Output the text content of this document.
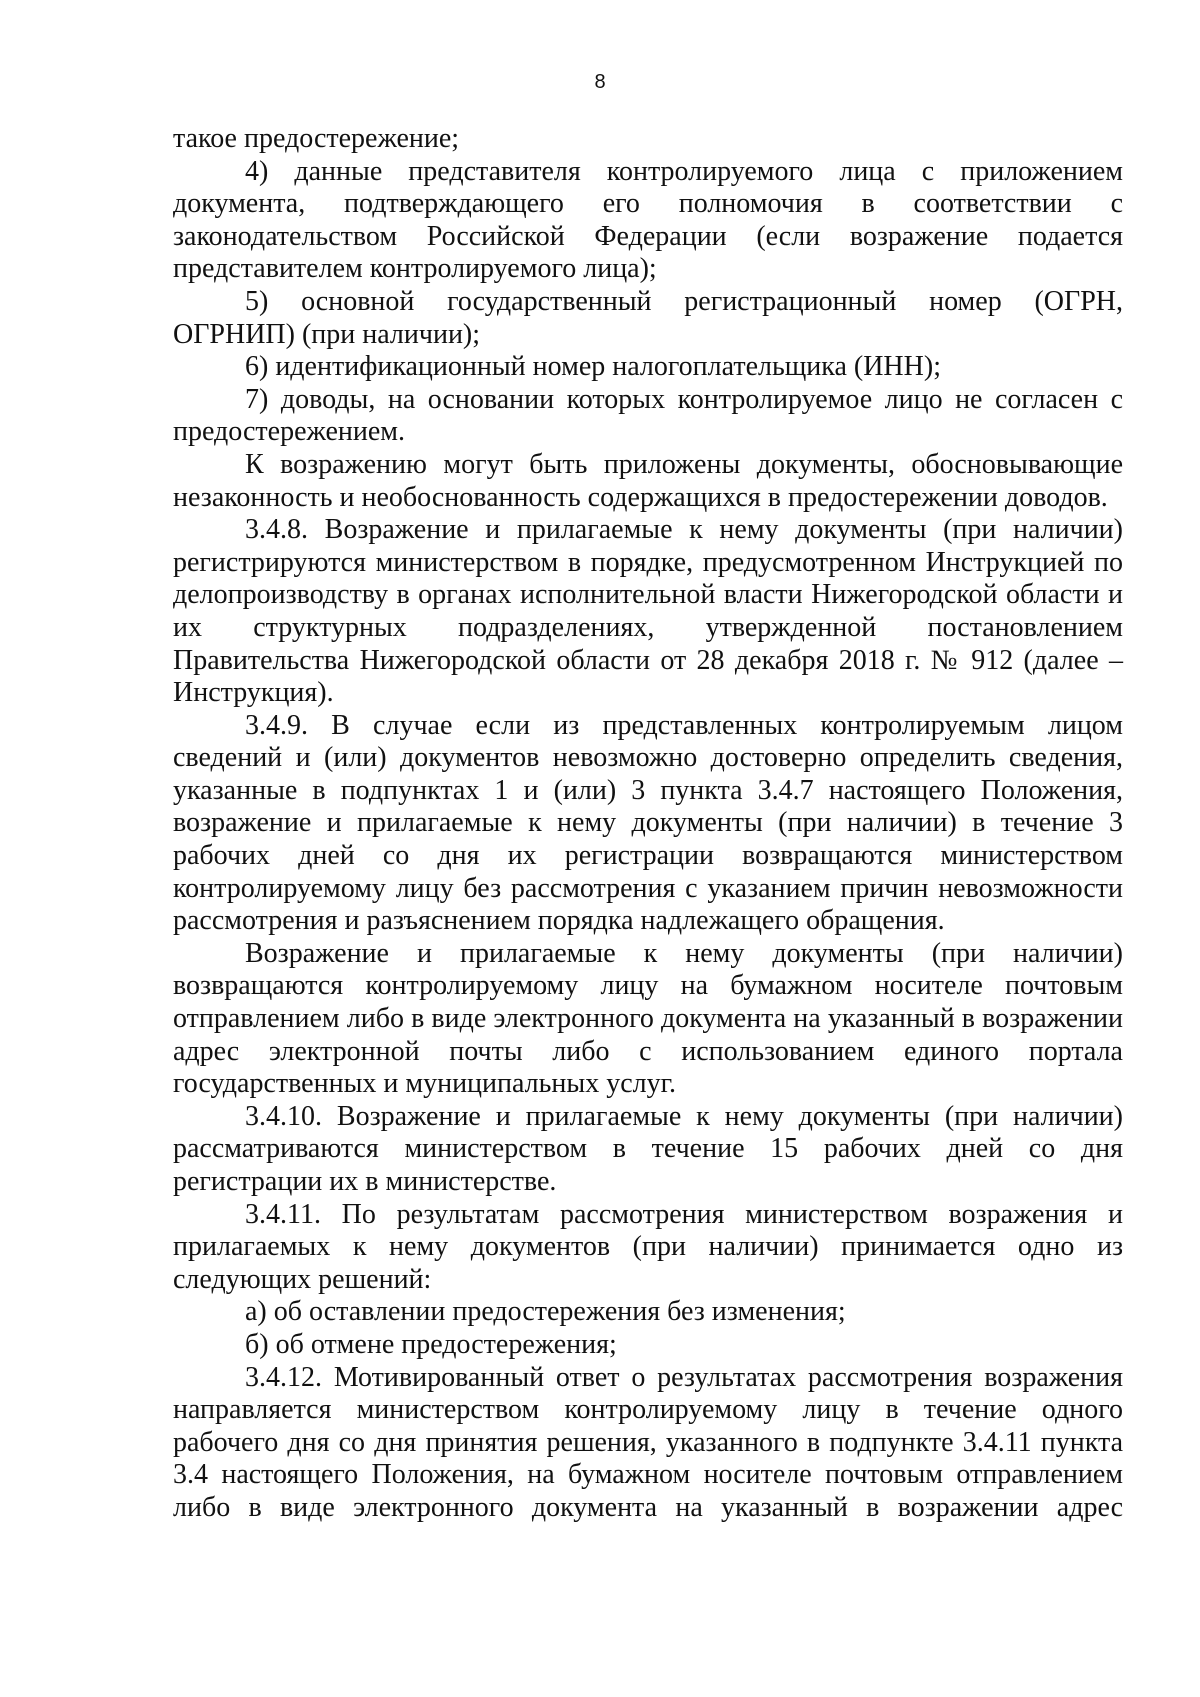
8

такое предостережение;

4) данные представителя контролируемого лица с приложением документа, подтверждающего его полномочия в соответствии с законодательством Российской Федерации (если возражение подается представителем контролируемого лица);

5) основной государственный регистрационный номер (ОГРН, ОГРНИП) (при наличии);

6) идентификационный номер налогоплательщика (ИНН);

7) доводы, на основании которых контролируемое лицо не согласен с предостережением.

К возражению могут быть приложены документы, обосновывающие незаконность и необоснованность содержащихся в предостережении доводов.

3.4.8. Возражение и прилагаемые к нему документы (при наличии) регистрируются министерством в порядке, предусмотренном Инструкцией по делопроизводству в органах исполнительной власти Нижегородской области и их структурных подразделениях, утвержденной постановлением Правительства Нижегородской области от 28 декабря 2018 г. № 912 (далее – Инструкция).

3.4.9. В случае если из представленных контролируемым лицом сведений и (или) документов невозможно достоверно определить сведения, указанные в подпунктах 1 и (или) 3 пункта 3.4.7 настоящего Положения, возражение и прилагаемые к нему документы (при наличии) в течение 3 рабочих дней со дня их регистрации возвращаются министерством контролируемому лицу без рассмотрения с указанием причин невозможности рассмотрения и разъяснением порядка надлежащего обращения.

Возражение и прилагаемые к нему документы (при наличии) возвращаются контролируемому лицу на бумажном носителе почтовым отправлением либо в виде электронного документа на указанный в возражении адрес электронной почты либо с использованием единого портала государственных и муниципальных услуг.

3.4.10. Возражение и прилагаемые к нему документы (при наличии) рассматриваются министерством в течение 15 рабочих дней со дня регистрации их в министерстве.

3.4.11. По результатам рассмотрения министерством возражения и прилагаемых к нему документов (при наличии) принимается одно из следующих решений:

а) об оставлении предостережения без изменения;

б) об отмене предостережения;

3.4.12. Мотивированный ответ о результатах рассмотрения возражения направляется министерством контролируемому лицу в течение одного рабочего дня со дня принятия решения, указанного в подпункте 3.4.11 пункта 3.4 настоящего Положения, на бумажном носителе почтовым отправлением либо в виде электронного документа на указанный в возражении адрес
